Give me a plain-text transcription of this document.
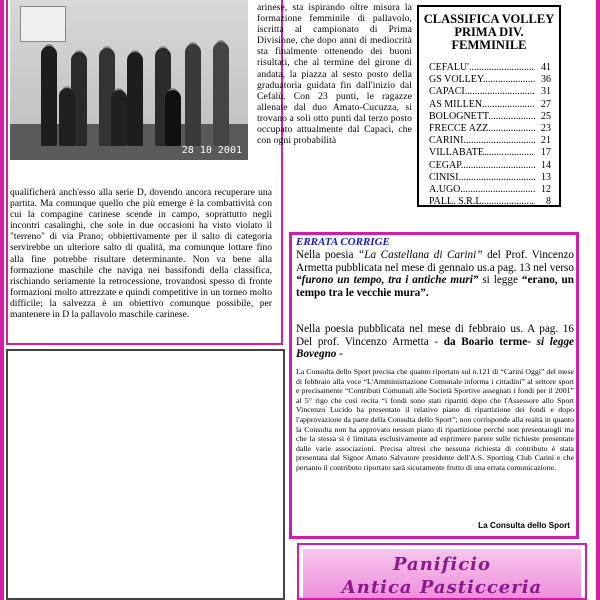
28 10 2001
arinese, sta ispirando oltre misura la formazione femminile di pallavolo, iscritta al campionato di Prima Divisione, che dopo anni di mediocrità sta finalmente ottenendo dei buoni risultati, che al termine del girone di andata, la piazza al sesto posto della graduatoria guidata fin dall'inizio dal Cefalù. Con 23 punti, le ragazze allenate dal duo Amato-Cucuzza, si trovano a soli otto punti dal terzo posto occupato attualmente dal Capaci, che con ogni probabilità
qualificherà anch'esso alla serie D, dovendo ancora recuperare una partita. Ma comunque quello che più emerge è la combattività con cui la compagine carinese scende in campo, soprattutto negli incontri casalinghi, che sole in due occasioni ha visto violato il "terreno" di via Prano; obbiettivamente per il salto di categoria servirebbe un ulteriore salto di qualità, ma comunque lottare fino alla fine potrebbe risultare determinante. Non va bene alla formazione maschile che naviga nei bassifondi della classifica, rischiando seriamente la retrocessione, trovandosi spesso di fronte formazioni molto attrezzate e quindi competitive in un torneo molto difficile; la salvezza è un obiettivo comunque possibile, per mantenere in D la pallavolo maschile carinese.
CLASSIFICA VOLLEY
PRIMA DIV. FEMMINILE
CEFALU' .....	41
GS VOLLEY .....	36
CAPACI .....	31
AS MILLEN .....	27
BOLOGNETT .....	25
FRECCE AZZ. .....	23
CARINI .....	21
VILLABATE .....	17
CEGAP .....	14
CINISI .....	13
A.UGO .....	12
PALL. S.R.L .....	8
ERRATA CORRIGE
Nella poesia “La Castellana di Carini” del Prof. Vincenzo Armetta pubblicata nel mese di gennaio us.a pag. 13 nel verso “furono un tempo, tra i antiche muri” si legge “erano, un tempo tra le vecchie mura”.
Nella poesia pubblicata nel mese di febbraio us. A pag. 16 Del prof. Vincenzo Armetta - da Boario terme- si legge Bovegno -
La Consulta dello Sport precisa che quanto riportato sul n.121 di “Carini Oggi” del mese di febbraio alla voce “L'Amministrazione Comunale informa i cittadini” al settore sport e precisamente “Contributi Comunali alle Società Sportive assegnati i fondi per il 2001” al 5° rigo che così recita “i fondi sono stati ripartiti dopo che l'Assessore allo Sport Vincenzo Lucido ha presentato il relativo piano di ripartizione dei fondi e dopo l'approvazione da parte della Consulta dello Sport”; non corrisponde alla realtà in quanto la Consulta non ha approvato nessun piano di ripartizione perché non presentatogli ma che la stessa si è limitata esclusivamente ad esprimere parere sulle richieste presentate dalle varie associazioni. Precisa altresì che nessuna richiesta di contributo è stata presentata dal Signor Amato Salvatore presidente dell'A.S. Sporting Club Carini e che pertanto il contributo riportato sarà sicuramente frutto di una errata comunicazione.
La Consulta dello Sport
Panificio
Antica Pasticceria
